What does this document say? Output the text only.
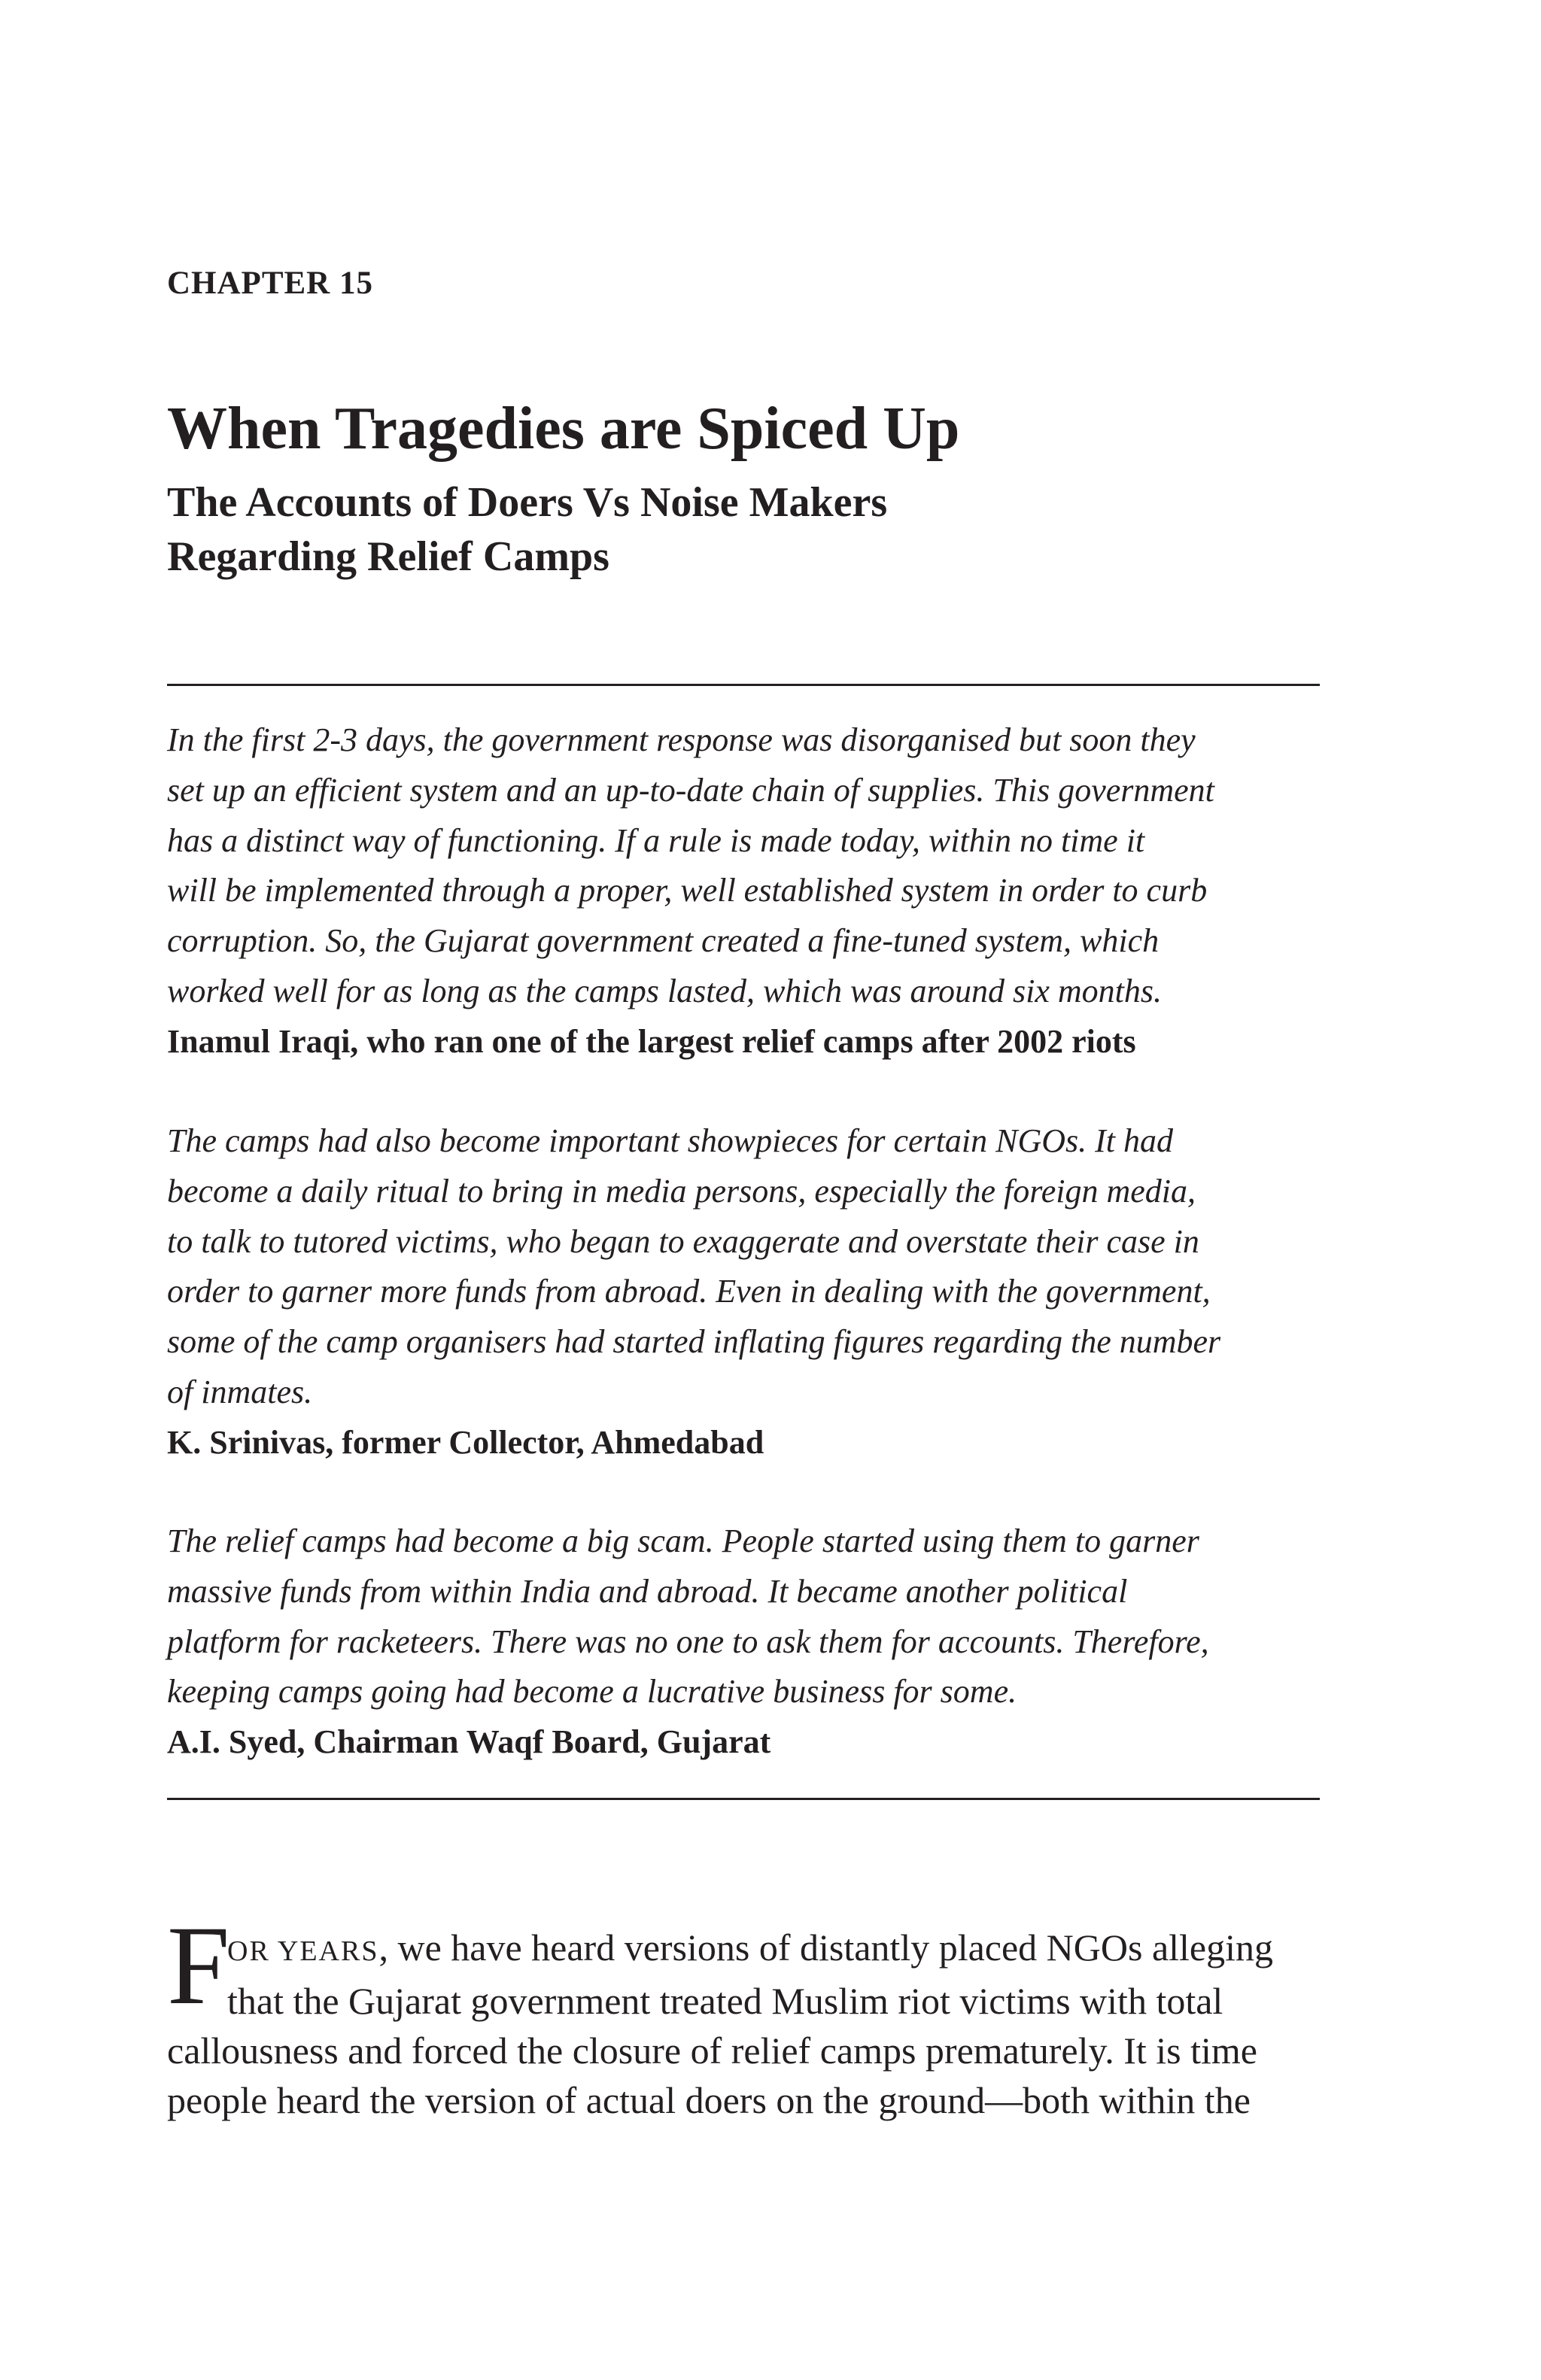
CHAPTER 15
When Tragedies are Spiced Up
The Accounts of Doers Vs Noise Makers
Regarding Relief Camps
In the first 2-3 days, the government response was disorganised but soon they
set up an efficient system and an up-to-date chain of supplies. This government
has a distinct way of functioning. If a rule is made today, within no time it
will be implemented through a proper, well established system in order to curb
corruption. So, the Gujarat government created a fine-tuned system, which
worked well for as long as the camps lasted, which was around six months.
Inamul Iraqi, who ran one of the largest relief camps after 2002 riots
The camps had also become important showpieces for certain NGOs. It had
become a daily ritual to bring in media persons, especially the foreign media,
to talk to tutored victims, who began to exaggerate and overstate their case in
order to garner more funds from abroad. Even in dealing with the government,
some of the camp organisers had started inflating figures regarding the number
of inmates.
K. Srinivas, former Collector, Ahmedabad
The relief camps had become a big scam. People started using them to garner
massive funds from within India and abroad. It became another political
platform for racketeers. There was no one to ask them for accounts. Therefore,
keeping camps going had become a lucrative business for some.
A.I. Syed, Chairman Waqf Board, Gujarat
F
OR YEARS, we have heard versions of distantly placed NGOs alleging
that the Gujarat government treated Muslim riot victims with total
callousness and forced the closure of relief camps prematurely. It is time
people heard the version of actual doers on the ground—both within the
